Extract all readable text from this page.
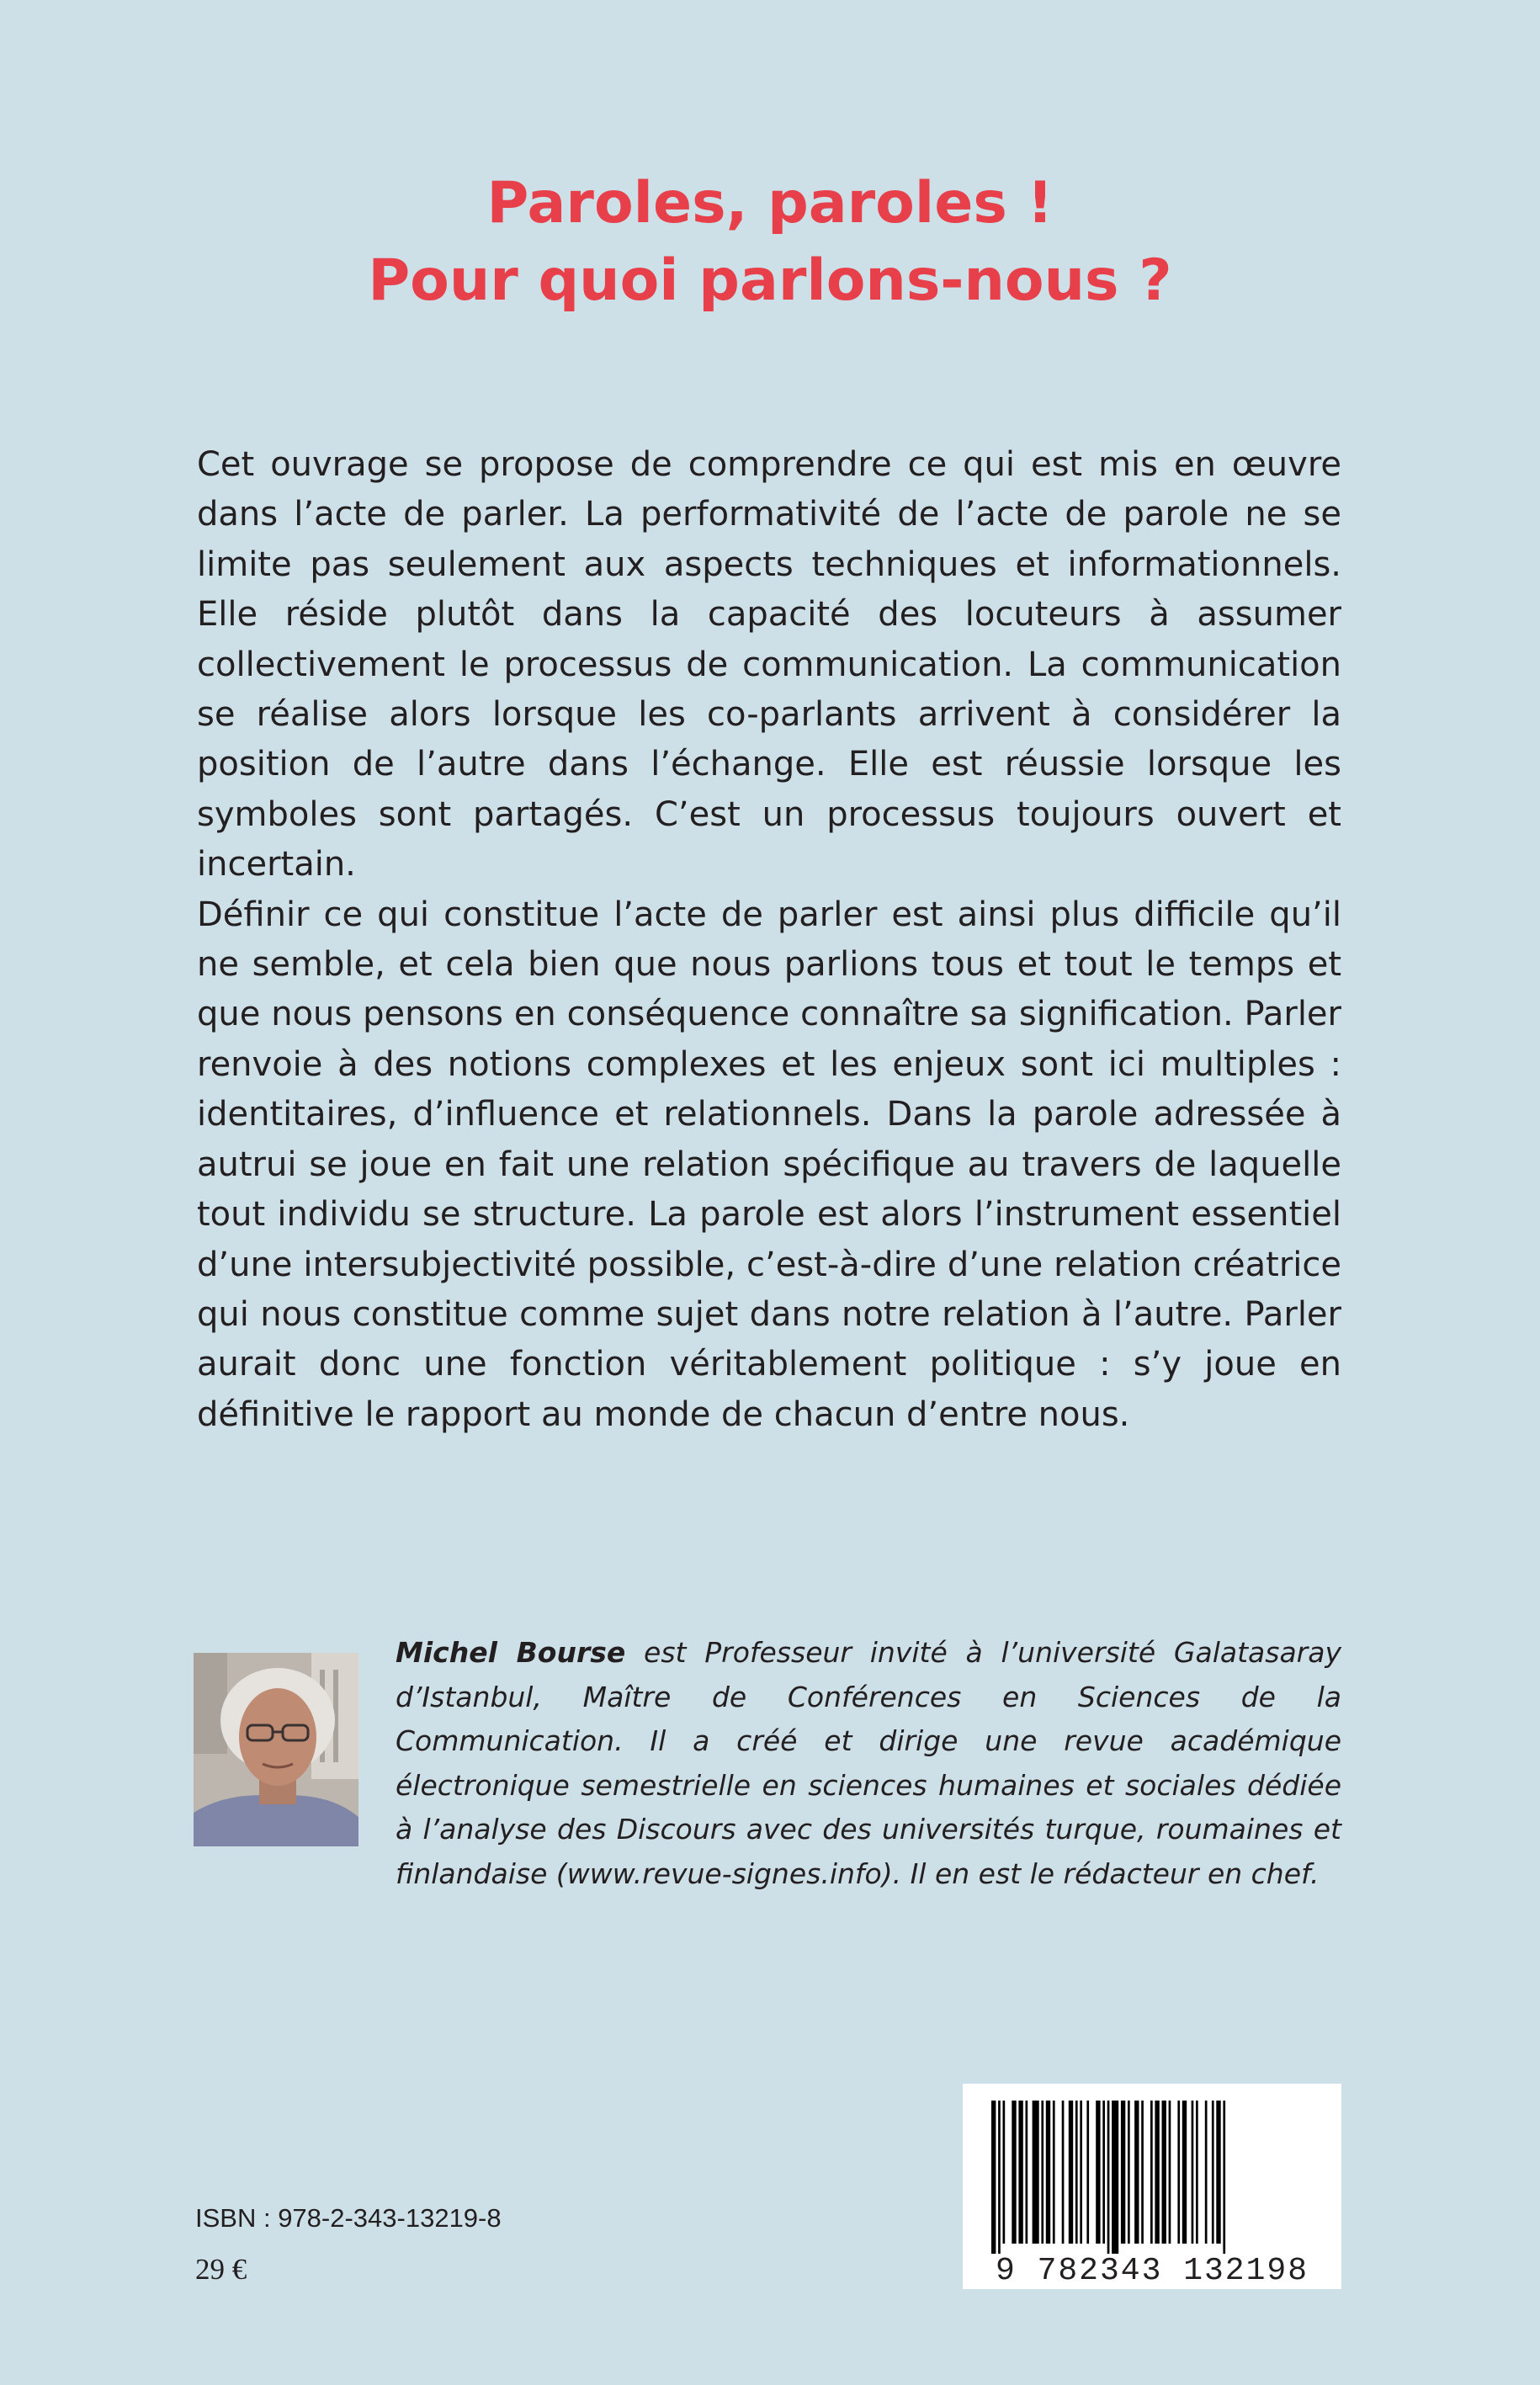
Paroles, paroles !
Pour quoi parlons-nous ?

Cet ouvrage se propose de comprendre ce qui est mis en œuvre dans l’acte de parler. La performativité de l’acte de parole ne se limite pas seulement aux aspects techniques et informationnels. Elle réside plutôt dans la capacité des locuteurs à assumer collectivement le processus de communication. La communication se réalise alors lorsque les co-parlants arrivent à considérer la position de l’autre dans l’échange. Elle est réussie lorsque les symboles sont partagés. C’est un processus toujours ouvert et incertain.

Définir ce qui constitue l’acte de parler est ainsi plus difficile qu’il ne semble, et cela bien que nous parlions tous et tout le temps et que nous pensons en conséquence connaître sa signification. Parler renvoie à des notions complexes et les enjeux sont ici multiples : identitaires, d’influence et relationnels. Dans la parole adressée à autrui se joue en fait une relation spécifique au travers de laquelle tout individu se structure. La parole est alors l’instrument essentiel d’une intersubjectivité possible, c’est-à-dire d’une relation créatrice qui nous constitue comme sujet dans notre relation à l’autre. Parler aurait donc une fonction véritablement politique : s’y joue en définitive le rapport au monde de chacun d’entre nous.

Michel Bourse est Professeur invité à l’université Galatasaray d’Istanbul, Maître de Conférences en Sciences de la Communication. Il a créé et dirige une revue académique électronique semestrielle en sciences humaines et sociales dédiée à l’analyse des Discours avec des universités turque, roumaines et finlandaise (www.revue-signes.info). Il en est le rédacteur en chef.
9 782343 132198
ISBN : 978-2-343-13219-8
29 €
